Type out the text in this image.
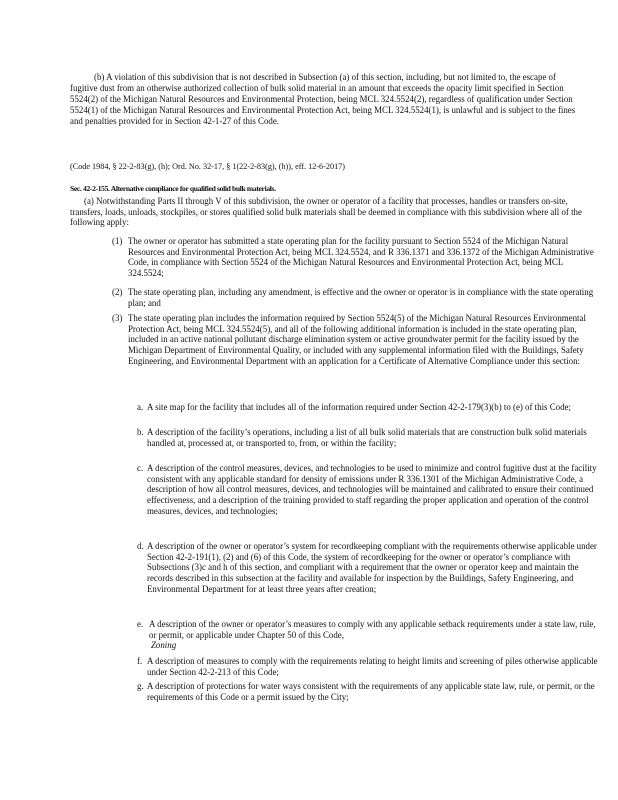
(b) A violation of this subdivision that is not described in Subsection (a) of this section, including, but not limited to, the escape of fugitive dust from an otherwise authorized collection of bulk solid material in an amount that exceeds the opacity limit specified in Section 5524(2) of the Michigan Natural Resources and Environmental Protection, being MCL 324.5524(2), regardless of qualification under Section 5524(1) of the Michigan Natural Resources and Environmental Protection Act, being MCL 324.5524(1), is unlawful and is subject to the fines and penalties provided for in Section 42-1-27 of this Code.

(Code 1984, § 22-2-83(g), (h); Ord. No. 32-17, § 1(22-2-83(g), (h)), eff. 12-6-2017)

Sec. 42-2-155. Alternative compliance for qualified solid bulk materials.

(a) Notwithstanding Parts II through V of this subdivision, the owner or operator of a facility that processes, handles or transfers on-site, transfers, loads, unloads, stockpiles, or stores qualified solid bulk materials shall be deemed in compliance with this subdivision where all of the following apply:

(1) The owner or operator has submitted a state operating plan for the facility pursuant to Section 5524 of the Michigan Natural Resources and Environmental Protection Act, being MCL 324.5524, and R 336.1371 and 336.1372 of the Michigan Administrative Code, in compliance with Section 5524 of the Michigan Natural Resources and Environmental Protection Act, being MCL 324.5524;
(2) The state operating plan, including any amendment, is effective and the owner or operator is in compliance with the state operating plan; and
(3) The state operating plan includes the information required by Section 5524(5) of the Michigan Natural Resources Environmental Protection Act, being MCL 324.5524(5), and all of the following additional information is included in the state operating plan, included in an active national pollutant discharge elimination system or active groundwater permit for the facility issued by the Michigan Department of Environmental Quality, or included with any supplemental information filed with the Buildings, Safety Engineering, and Environmental Department with an application for a Certificate of Alternative Compliance under this section:
a. A site map for the facility that includes all of the information required under Section 42-2-179(3)(b) to (e) of this Code;
b. A description of the facility’s operations, including a list of all bulk solid materials that are construction bulk solid materials handled at, processed at, or transported to, from, or within the facility;
c. A description of the control measures, devices, and technologies to be used to minimize and control fugitive dust at the facility consistent with any applicable standard for density of emissions under R 336.1301 of the Michigan Administrative Code, a description of how all control measures, devices, and technologies will be maintained and calibrated to ensure their continued effectiveness, and a description of the training provided to staff regarding the proper application and operation of the control measures, devices, and technologies;
d. A description of the owner or operator’s system for recordkeeping compliant with the requirements otherwise applicable under Section 42-2-191(1), (2) and (6) of this Code, the system of recordkeeping for the owner or operator’s compliance with Subsections (3)c and h of this section, and compliant with a requirement that the owner or operator keep and maintain the records described in this subsection at the facility and available for inspection by the Buildings, Safety Engineering, and Environmental Department for at least three years after creation;
e. A description of the owner or operator’s measures to comply with any applicable setback requirements under a state law, rule, or permit, or applicable under Chapter 50 of this Code,
Zoning
f. A description of measures to comply with the requirements relating to height limits and screening of piles otherwise applicable under Section 42-2-213 of this Code;
g. A description of protections for water ways consistent with the requirements of any applicable state law, rule, or permit, or the requirements of this Code or a permit issued by the City;
